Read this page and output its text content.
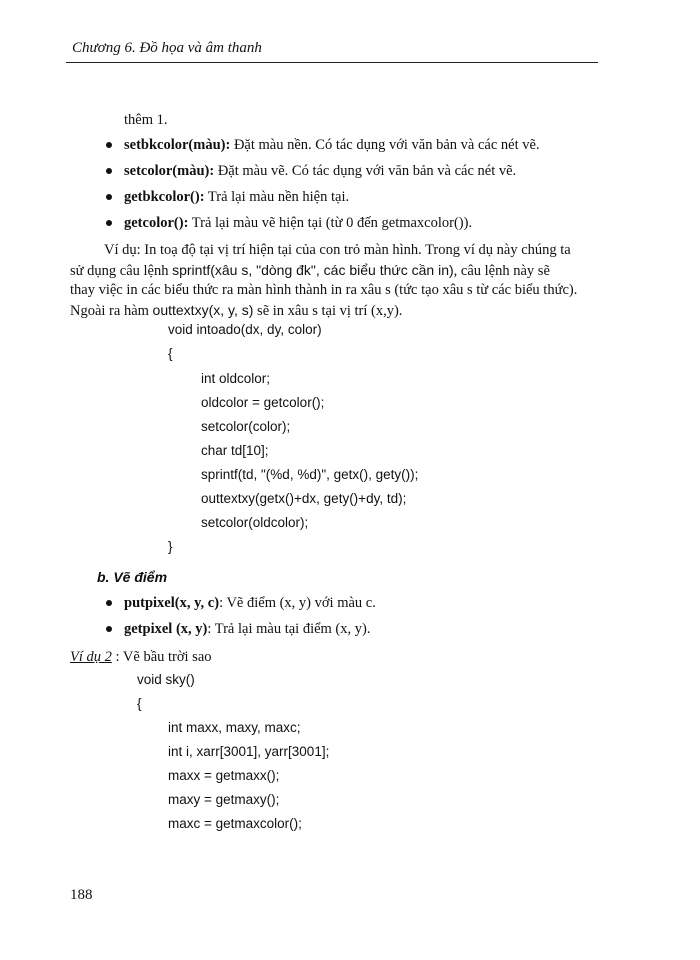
Chương 6. Đồ họa và âm thanh
thêm 1.
setbkcolor(màu): Đặt màu nền. Có tác dụng với văn bản và các nét vẽ.
setcolor(màu): Đặt màu vẽ. Có tác dụng với văn bản và các nét vẽ.
getbkcolor(): Trả lại màu nền hiện tại.
getcolor(): Trả lại màu vẽ hiện tại (từ 0 đến getmaxcolor()).
Ví dụ: In toạ độ tại vị trí hiện tại của con trỏ màn hình. Trong ví dụ này chúng ta
sử dụng câu lệnh sprintf(xâu s, "dòng đk", các biểu thức cần in), câu lệnh này sẽ
thay việc in các biểu thức ra màn hình thành in ra xâu s (tức tạo xâu s từ các biểu thức).
Ngoài ra hàm outtextxy(x, y, s) sẽ in xâu s tại vị trí (x,y).
void intoado(dx, dy, color)
{
int oldcolor;
oldcolor = getcolor();
setcolor(color);
char td[10];
sprintf(td, "(%d, %d)", getx(), gety());
outtextxy(getx()+dx, gety()+dy, td);
setcolor(oldcolor);
}
b. Vẽ điểm
putpixel(x, y, c): Vẽ điểm (x, y) với màu c.
getpixel (x, y): Trả lại màu tại điểm (x, y).
Ví dụ 2 : Vẽ bầu trời sao
void sky()
{
int maxx, maxy, maxc;
int i, xarr[3001], yarr[3001];
maxx = getmaxx();
maxy = getmaxy();
maxc = getmaxcolor();
188
